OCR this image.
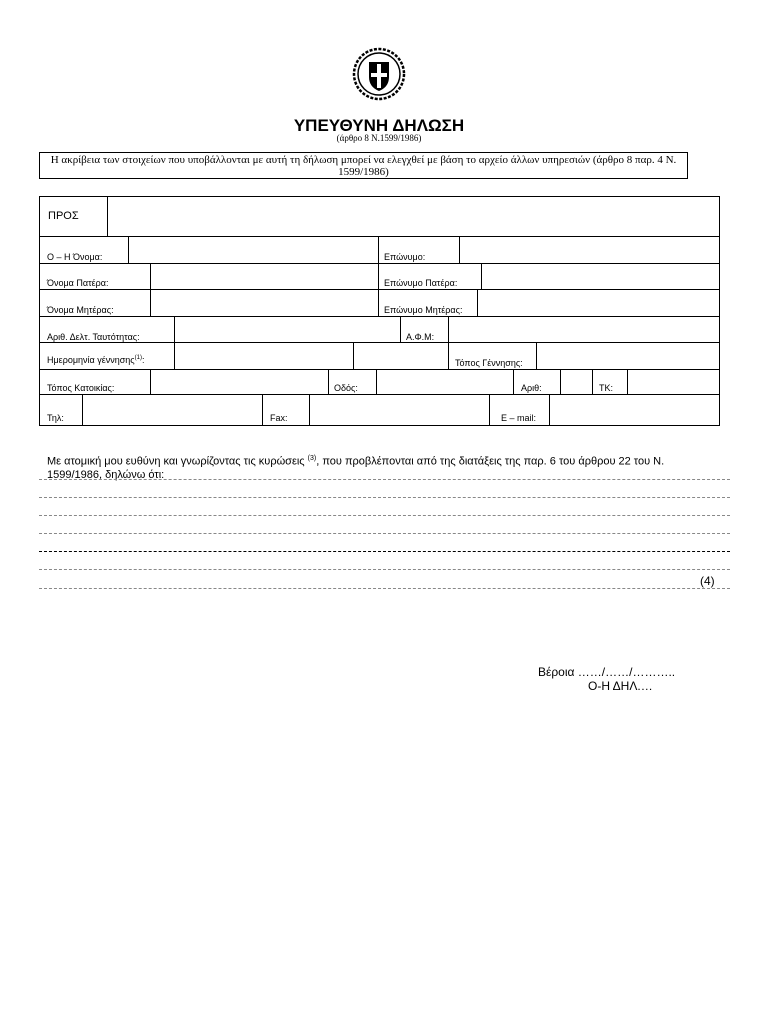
ΥΠΕΥΘΥΝΗ ΔΗΛΩΣΗ
(άρθρο 8 Ν.1599/1986)
Η ακρίβεια των στοιχείων που υποβάλλονται με αυτή τη δήλωση μπορεί να ελεγχθεί με βάση το αρχείο άλλων υπηρεσιών (άρθρο 8 παρ. 4 Ν. 1599/1986)
ΠΡΟΣ
Ο – Η Όνομα:	Επώνυμο:
Όνομα Πατέρα:	Επώνυμο Πατέρα:
Όνομα Μητέρας:	Επώνυμο Μητέρας:
Αριθ. Δελτ. Ταυτότητας:	Α.Φ.Μ:
Ημερομηνία γέννησης$^{(1)}$:	Τόπος Γέννησης:
Τόπος Κατοικίας:	Οδός:	Αριθ:	ΤΚ:
Τηλ:	Fax:	E – mail:
Με ατομική μου ευθύνη και γνωρίζοντας τις κυρώσεις $^{(3)}$, που προβλέπονται από της διατάξεις της παρ. 6 του άρθρου 22 του Ν. 1599/1986, δηλώνω ότι:
(4)
Βέροια ……/……/………..
Ο-Η ΔΗΛ.…
